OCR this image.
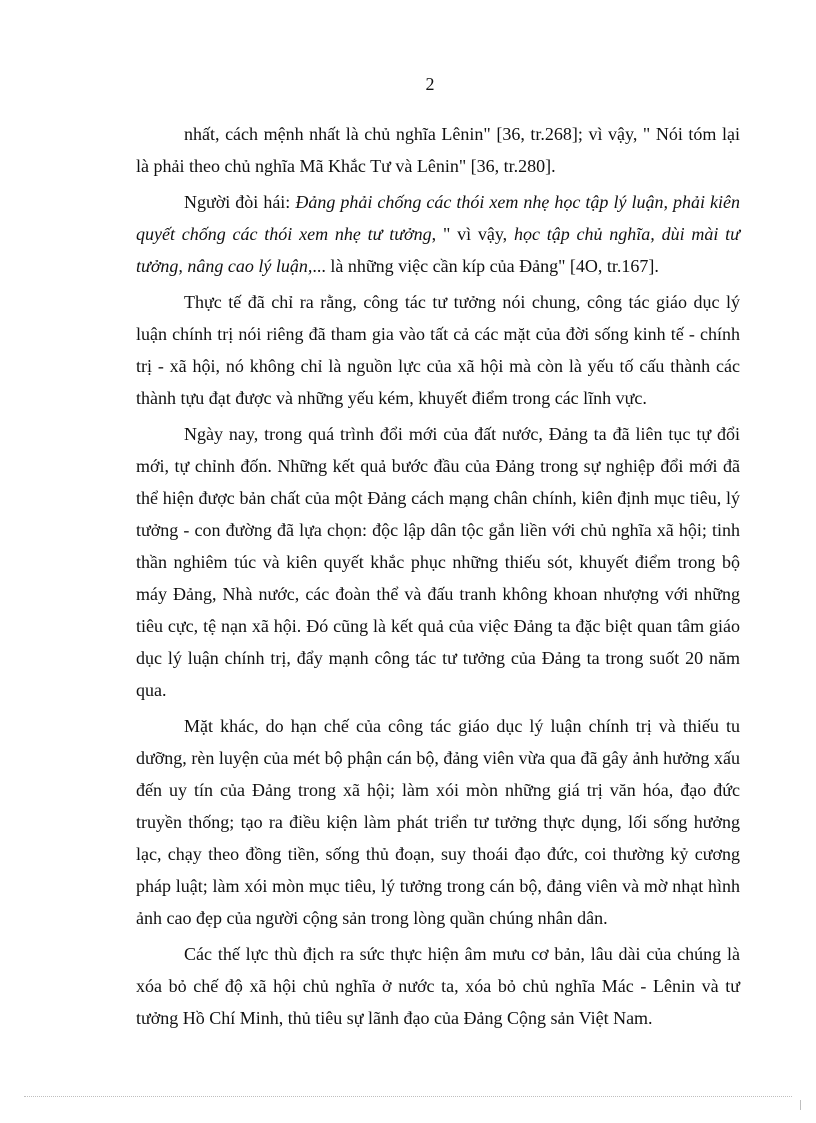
2

nhất, cách mệnh nhất là chủ nghĩa Lênin" [36, tr.268]; vì vậy, " Nói tóm lại là phải theo chủ nghĩa Mã Khắc Tư và Lênin" [36, tr.280].

Người đòi hái: Đảng phải chống các thói xem nhẹ học tập lý luận, phải kiên quyết chống các thói xem nhẹ tư tưởng, " vì vậy, học tập chủ nghĩa, dùi mài tư tưởng, nâng cao lý luận,... là những việc cần kíp của Đảng" [4O, tr.167].

Thực tế đã chỉ ra rằng, công tác tư tưởng nói chung, công tác giáo dục lý luận chính trị nói riêng đã tham gia vào tất cả các mặt của đời sống kinh tế - chính trị - xã hội, nó không chỉ là nguồn lực của xã hội mà còn là yếu tố cấu thành các thành tựu đạt được và những yếu kém, khuyết điểm trong các lĩnh vực.

Ngày nay, trong quá trình đổi mới của đất nước, Đảng ta đã liên tục tự đổi mới, tự chỉnh đốn. Những kết quả bước đầu của Đảng trong sự nghiệp đổi mới đã thể hiện được bản chất của một Đảng cách mạng chân chính, kiên định mục tiêu, lý tưởng - con đường đã lựa chọn: độc lập dân tộc gắn liền với chủ nghĩa xã hội; tinh thần nghiêm túc và kiên quyết khắc phục những thiếu sót, khuyết điểm trong bộ máy Đảng, Nhà nước, các đoàn thể và đấu tranh không khoan nhượng với những tiêu cực, tệ nạn xã hội. Đó cũng là kết quả của việc Đảng ta đặc biệt quan tâm giáo dục lý luận chính trị, đẩy mạnh công tác tư tưởng của Đảng ta trong suốt 20 năm qua.

Mặt khác, do hạn chế của công tác giáo dục lý luận chính trị và thiếu tu dưỡng, rèn luyện của mét bộ phận cán bộ, đảng viên vừa qua đã gây ảnh hưởng xấu đến uy tín của Đảng trong xã hội; làm xói mòn những giá trị văn hóa, đạo đức truyền thống; tạo ra điều kiện làm phát triển tư tưởng thực dụng, lối sống hưởng lạc, chạy theo đồng tiền, sống thủ đoạn, suy thoái đạo đức, coi thường kỷ cương pháp luật; làm xói mòn mục tiêu, lý tưởng trong cán bộ, đảng viên và mờ nhạt hình ảnh cao đẹp của người cộng sản trong lòng quần chúng nhân dân.

Các thế lực thù địch ra sức thực hiện âm mưu cơ bản, lâu dài của chúng là xóa bỏ chế độ xã hội chủ nghĩa ở nước ta, xóa bỏ chủ nghĩa Mác - Lênin và tư tưởng Hồ Chí Minh, thủ tiêu sự lãnh đạo của Đảng Cộng sản Việt Nam.
